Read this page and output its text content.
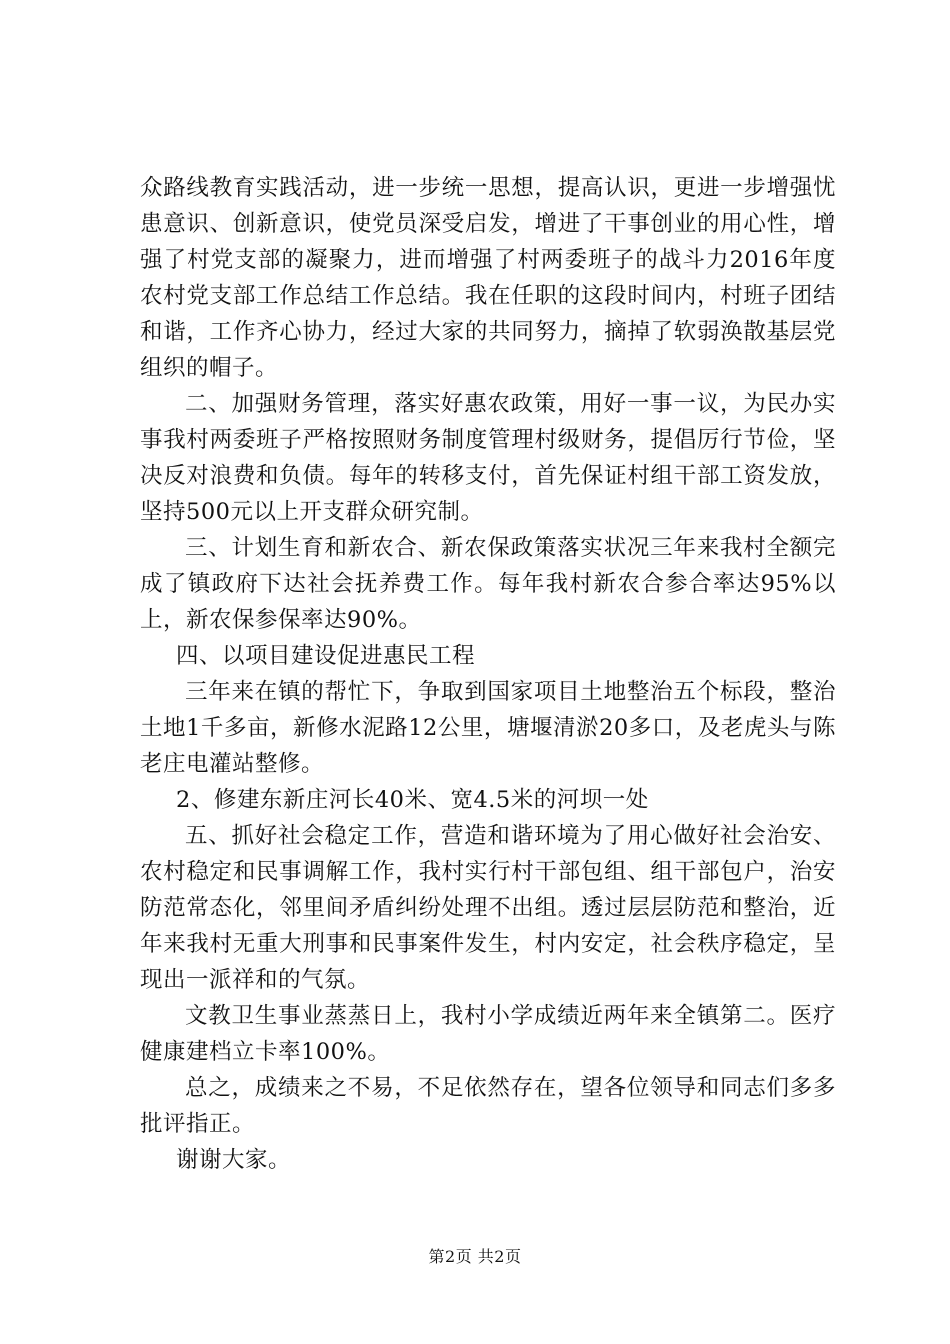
众路线教育实践活动，进一步统一思想，提高认识，更进一步增强忧患意识、创新意识，使党员深受启发，增进了干事创业的用心性，增强了村党支部的凝聚力，进而增强了村两委班子的战斗力2016年度农村党支部工作总结工作总结。我在任职的这段时间内，村班子团结和谐，工作齐心协力，经过大家的共同努力，摘掉了软弱涣散基层党组织的帽子。

二、加强财务管理，落实好惠农政策，用好一事一议，为民办实事我村两委班子严格按照财务制度管理村级财务，提倡厉行节俭，坚决反对浪费和负债。每年的转移支付，首先保证村组干部工资发放，坚持500元以上开支群众研究制。

三、计划生育和新农合、新农保政策落实状况三年来我村全额完成了镇政府下达社会抚养费工作。每年我村新农合参合率达95%以上，新农保参保率达90%。

四、以项目建设促进惠民工程

三年来在镇的帮忙下，争取到国家项目土地整治五个标段，整治土地1千多亩，新修水泥路12公里，塘堰清淤20多口，及老虎头与陈老庄电灌站整修。

2、修建东新庄河长40米、宽4.5米的河坝一处

五、抓好社会稳定工作，营造和谐环境为了用心做好社会治安、农村稳定和民事调解工作，我村实行村干部包组、组干部包户，治安防范常态化，邻里间矛盾纠纷处理不出组。透过层层防范和整治，近年来我村无重大刑事和民事案件发生，村内安定，社会秩序稳定，呈现出一派祥和的气氛。

文教卫生事业蒸蒸日上，我村小学成绩近两年来全镇第二。医疗健康建档立卡率100%。

总之，成绩来之不易，不足依然存在，望各位领导和同志们多多批评指正。

谢谢大家。

第2页 共2页
